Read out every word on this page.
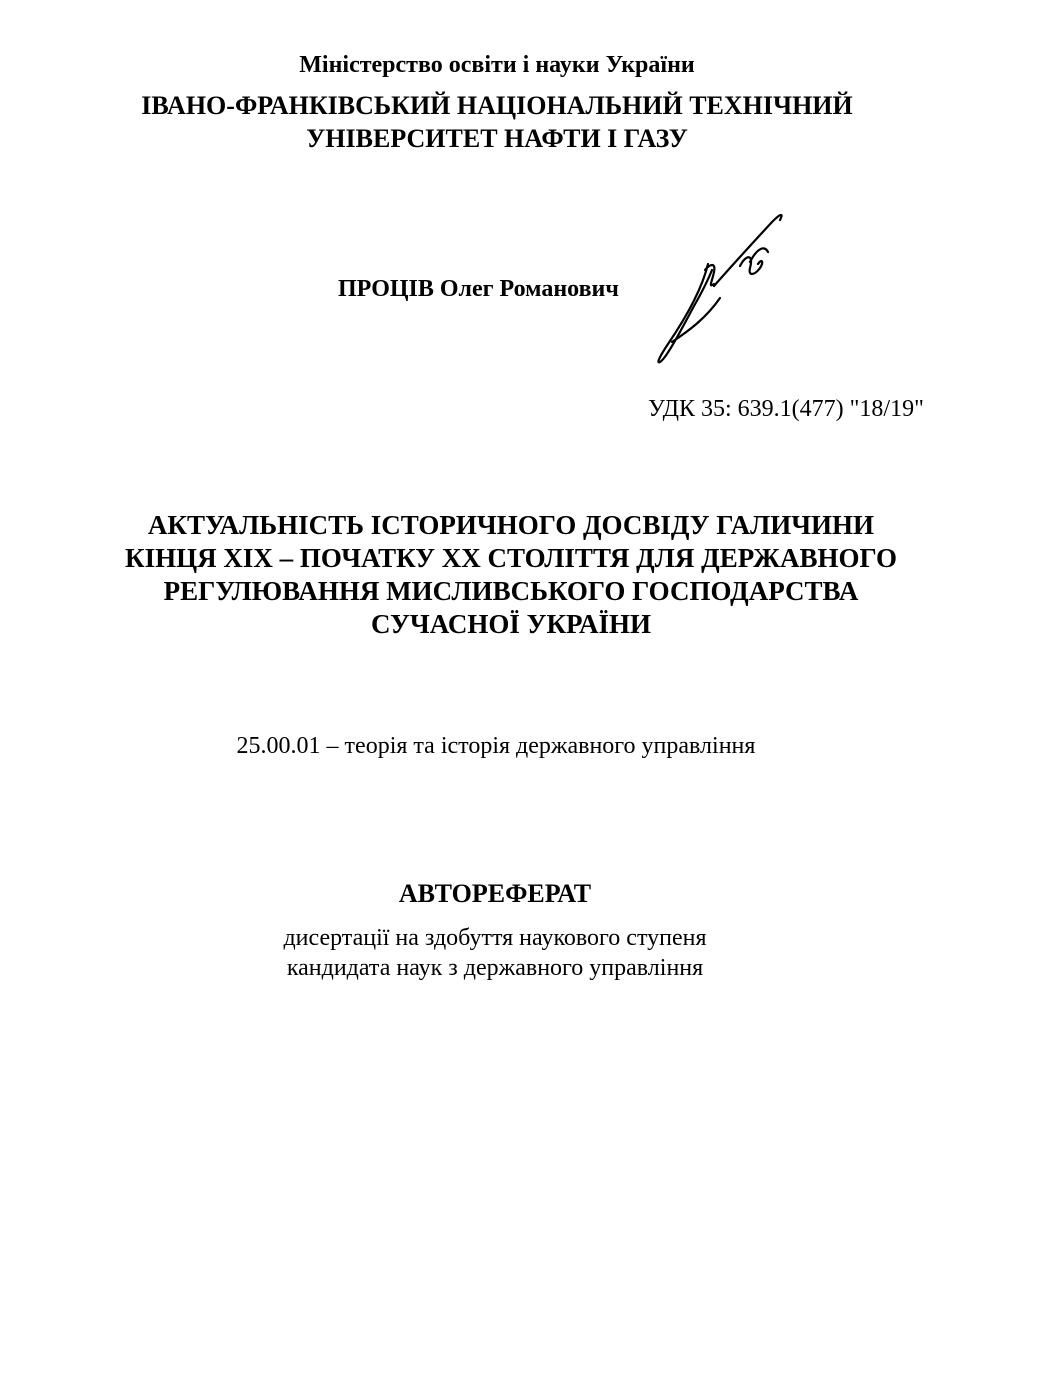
Міністерство освіти і науки України
ІВАНО-ФРАНКІВСЬКИЙ НАЦІОНАЛЬНИЙ ТЕХНІЧНИЙ
УНІВЕРСИТЕТ НАФТИ І ГАЗУ
ПРОЦІВ Олег Романович
УДК 35: 639.1(477) "18/19"
АКТУАЛЬНІСТЬ ІСТОРИЧНОГО ДОСВІДУ ГАЛИЧИНИ
КІНЦЯ ХІХ – ПОЧАТКУ ХХ СТОЛІТТЯ ДЛЯ ДЕРЖАВНОГО
РЕГУЛЮВАННЯ МИСЛИВСЬКОГО ГОСПОДАРСТВА
СУЧАСНОЇ УКРАЇНИ
25.00.01 – теорія та історія державного управління
АВТОРЕФЕРАТ
дисертації на здобуття наукового ступеня
кандидата наук з державного управління
